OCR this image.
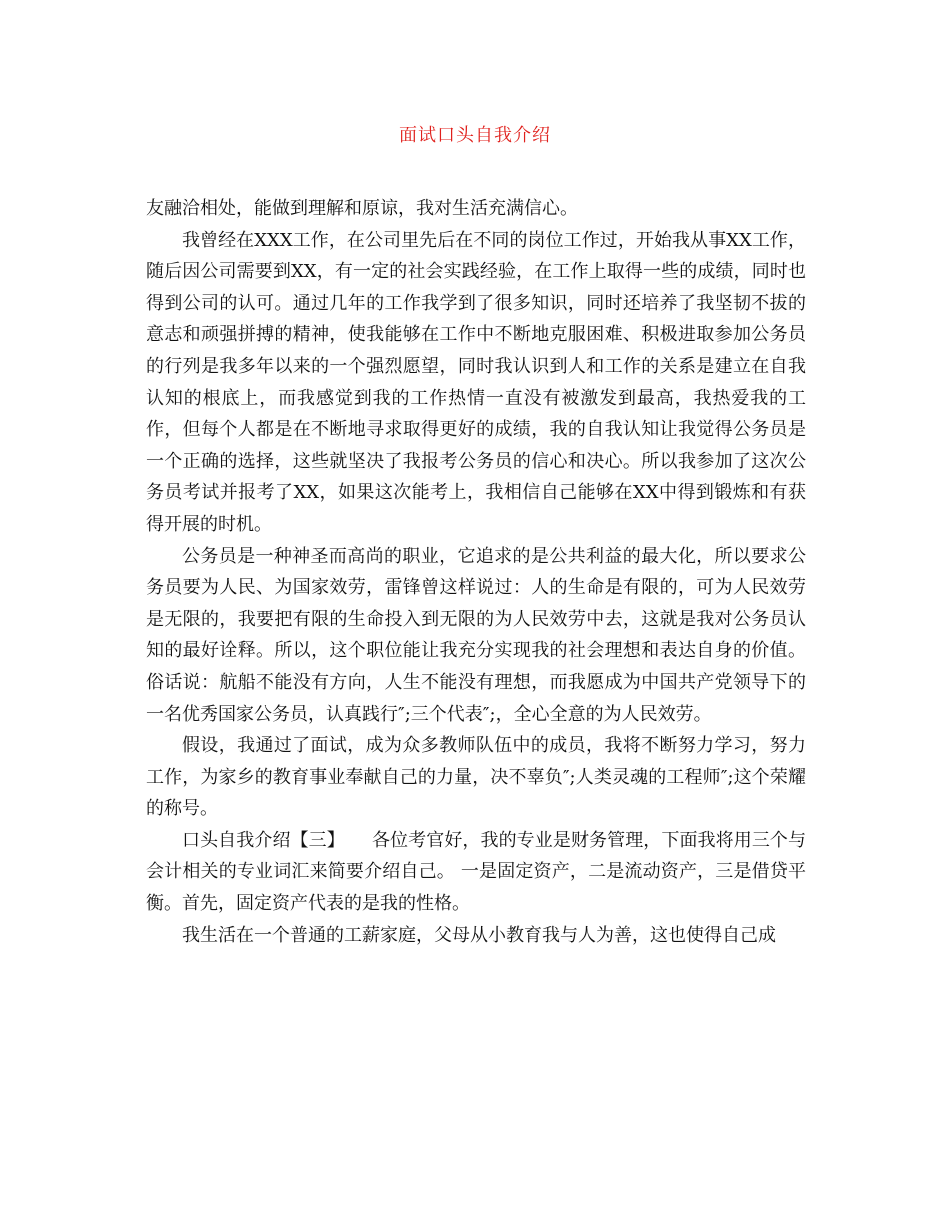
面试口头自我介绍

友融洽相处，能做到理解和原谅，我对生活充满信心。

我曾经在XXX工作，在公司里先后在不同的岗位工作过，开始我从事XX工作，随后因公司需要到XX，有一定的社会实践经验，在工作上取得一些的成绩，同时也得到公司的认可。通过几年的工作我学到了很多知识，同时还培养了我坚韧不拔的意志和顽强拼搏的精神，使我能够在工作中不断地克服困难、积极进取参加公务员的行列是我多年以来的一个强烈愿望，同时我认识到人和工作的关系是建立在自我认知的根底上，而我感觉到我的工作热情一直没有被激发到最高，我热爱我的工作，但每个人都是在不断地寻求取得更好的成绩，我的自我认知让我觉得公务员是一个正确的选择，这些就坚决了我报考公务员的信心和决心。所以我参加了这次公务员考试并报考了XX，如果这次能考上，我相信自己能够在XX中得到锻炼和有获得开展的时机。

公务员是一种神圣而高尚的职业，它追求的是公共利益的最大化，所以要求公务员要为人民、为国家效劳，雷锋曾这样说过：人的生命是有限的，可为人民效劳是无限的，我要把有限的生命投入到无限的为人民效劳中去，这就是我对公务员认知的最好诠释。所以，这个职位能让我充分实现我的社会理想和表达自身的价值。俗话说：航船不能没有方向，人生不能没有理想，而我愿成为中国共产党领导下的一名优秀国家公务员，认真践行″;三个代表″;，全心全意的为人民效劳。

假设，我通过了面试，成为众多教师队伍中的成员，我将不断努力学习，努力工作，为家乡的教育事业奉献自己的力量，决不辜负″;人类灵魂的工程师″;这个荣耀的称号。

口头自我介绍【三】　　各位考官好，我的专业是财务管理，下面我将用三个与会计相关的专业词汇来简要介绍自己。 一是固定资产，二是流动资产，三是借贷平衡。首先，固定资产代表的是我的性格。

我生活在一个普通的工薪家庭，父母从小教育我与人为善，这也使得自己成
